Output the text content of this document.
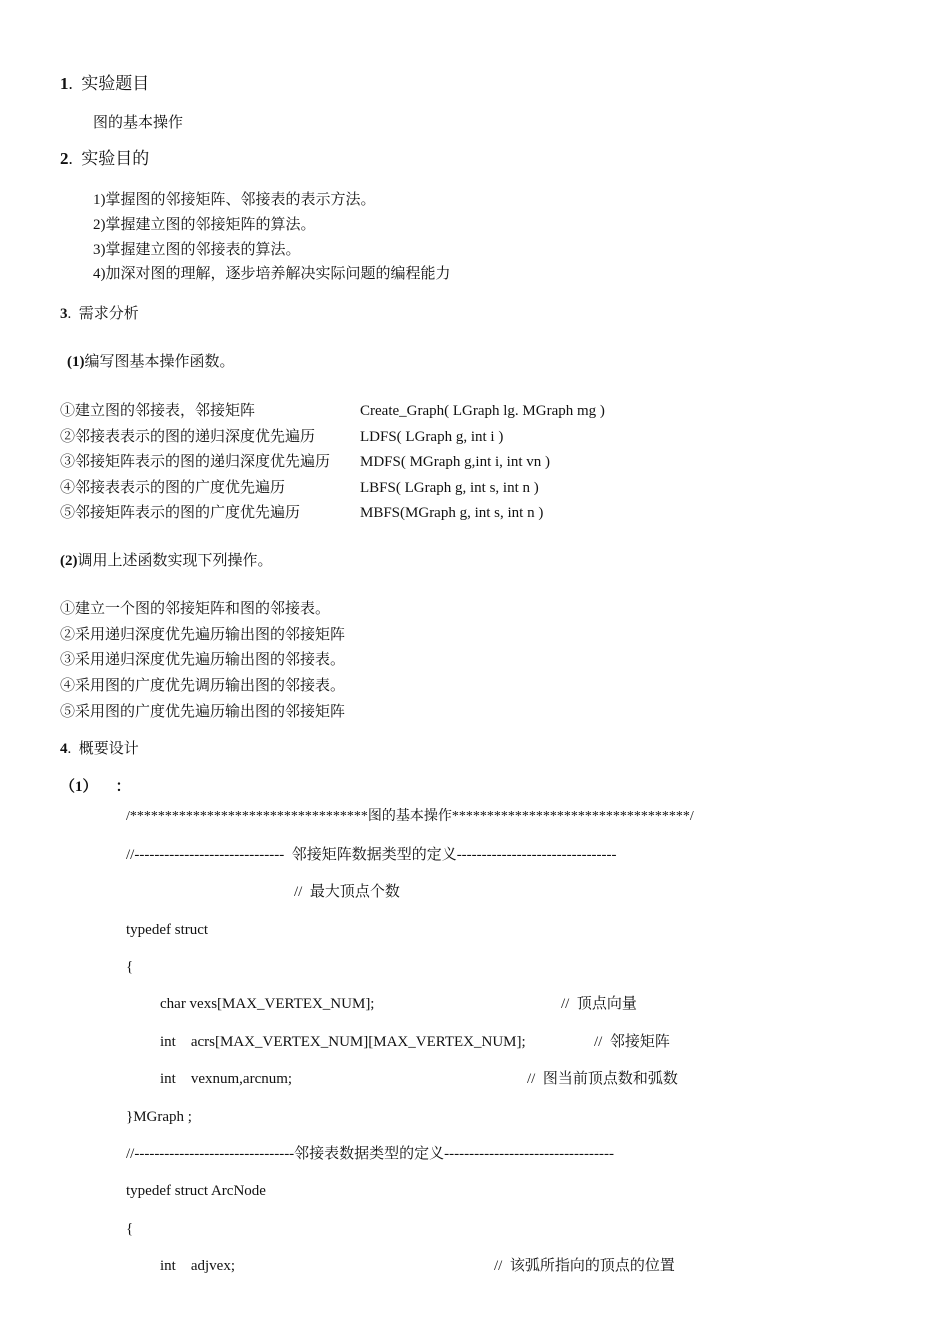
1. 实验题目
图的基本操作
2. 实验目的
1)掌握图的邻接矩阵、邻接表的表示方法。
2)掌握建立图的邻接矩阵的算法。
3)掌握建立图的邻接表的算法。
4)加深对图的理解，逐步培养解决实际问题的编程能力
3. 需求分析
(1)编写图基本操作函数。
①建立图的邻接表，邻接矩阵	Create_Graph( LGraph lg. MGraph mg )
②邻接表表示的图的递归深度优先遍历	LDFS( LGraph g, int i )
③邻接矩阵表示的图的递归深度优先遍历 MDFS( MGraph g,int i, int vn )
④邻接表表示的图的广度优先遍历	LBFS( LGraph g, int s, int n )
⑤邻接矩阵表示的图的广度优先遍历	MBFS(MGraph g, int s, int n )
(2)调用上述函数实现下列操作。
①建立一个图的邻接矩阵和图的邻接表。
②采用递归深度优先遍历输出图的邻接矩阵
③采用递归深度优先遍历输出图的邻接表。
④采用图的广度优先调历输出图的邻接表。
⑤采用图的广度优先遍历输出图的邻接矩阵
4. 概要设计
（1） ：
/**********************************图的基本操作**********************************/
//------------------------------  邻接矩阵数据类型的定义--------------------------------
//  最大顶点个数
typedef struct
{
char vexs[MAX_VERTEX_NUM];	//  顶点向量
int    acrs[MAX_VERTEX_NUM][MAX_VERTEX_NUM];	//  邻接矩阵
int    vexnum,arcnum;	//  图当前顶点数和弧数
}MGraph ;
//--------------------------------邻接表数据类型的定义----------------------------------
typedef struct ArcNode
{
int    adjvex;	//  该弧所指向的顶点的位置
